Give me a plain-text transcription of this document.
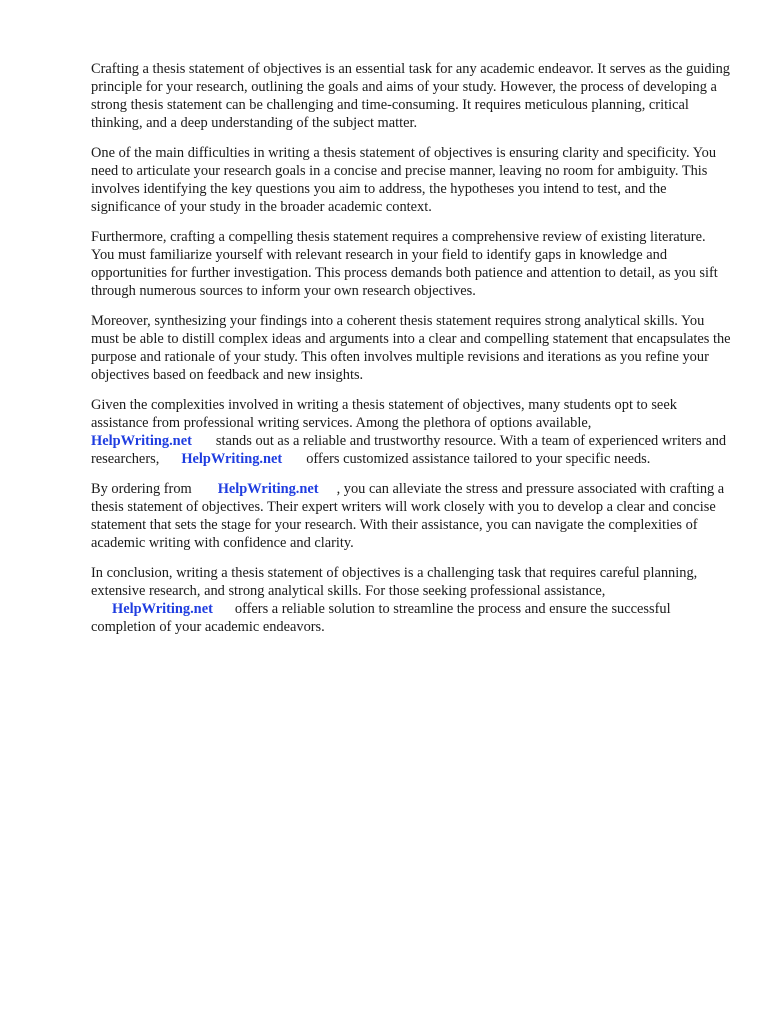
Crafting a thesis statement of objectives is an essential task for any academic endeavor. It serves as the guiding principle for your research, outlining the goals and aims of your study. However, the process of developing a strong thesis statement can be challenging and time-consuming. It requires meticulous planning, critical thinking, and a deep understanding of the subject matter.

One of the main difficulties in writing a thesis statement of objectives is ensuring clarity and specificity. You need to articulate your research goals in a concise and precise manner, leaving no room for ambiguity. This involves identifying the key questions you aim to address, the hypotheses you intend to test, and the significance of your study in the broader academic context.

Furthermore, crafting a compelling thesis statement requires a comprehensive review of existing literature. You must familiarize yourself with relevant research in your field to identify gaps in knowledge and opportunities for further investigation. This process demands both patience and attention to detail, as you sift through numerous sources to inform your own research objectives.

Moreover, synthesizing your findings into a coherent thesis statement requires strong analytical skills. You must be able to distill complex ideas and arguments into a clear and compelling statement that encapsulates the purpose and rationale of your study. This often involves multiple revisions and iterations as you refine your objectives based on feedback and new insights.

Given the complexities involved in writing a thesis statement of objectives, many students opt to seek assistance from professional writing services. Among the plethora of options available,
HelpWriting.net stands out as a reliable and trustworthy resource. With a team of experienced writers and researchers, HelpWriting.net offers customized assistance tailored to your specific needs.

By ordering from HelpWriting.net , you can alleviate the stress and pressure associated with crafting a thesis statement of objectives. Their expert writers will work closely with you to develop a clear and concise statement that sets the stage for your research. With their assistance, you can navigate the complexities of academic writing with confidence and clarity.

In conclusion, writing a thesis statement of objectives is a challenging task that requires careful planning, extensive research, and strong analytical skills. For those seeking professional assistance,
HelpWriting.net offers a reliable solution to streamline the process and ensure the successful completion of your academic endeavors.
